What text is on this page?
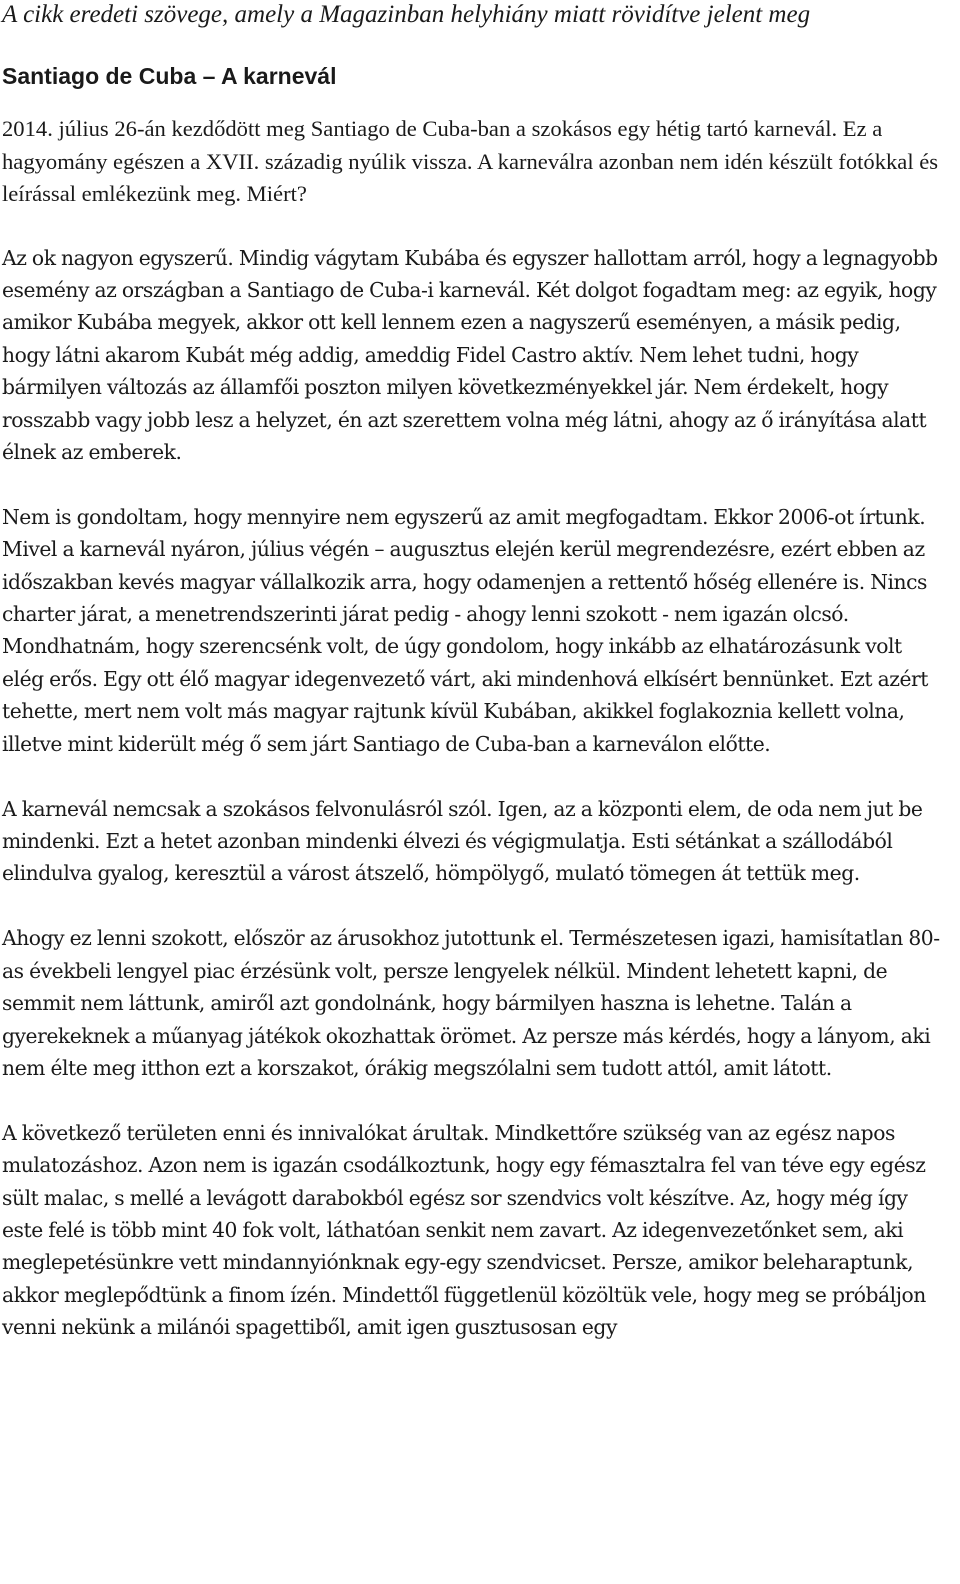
A cikk eredeti szövege, amely a Magazinban helyhiány miatt rövidítve jelent meg

Santiago de Cuba – A karnevál

2014. július 26-án kezdődött meg Santiago de Cuba-ban a szokásos egy hétig tartó karnevál. Ez a hagyomány egészen a XVII. századig nyúlik vissza. A karneválra azonban nem idén készült fotókkal és leírással emlékezünk meg. Miért?

Az ok nagyon egyszerű. Mindig vágytam Kubába és egyszer hallottam arról, hogy a legnagyobb esemény az országban a Santiago de Cuba-i karnevál. Két dolgot fogadtam meg: az egyik, hogy amikor Kubába megyek, akkor ott kell lennem ezen a nagyszerű eseményen, a másik pedig, hogy látni akarom Kubát még addig, ameddig Fidel Castro aktív. Nem lehet tudni, hogy bármilyen változás az államfői poszton milyen következményekkel jár. Nem érdekelt, hogy rosszabb vagy jobb lesz a helyzet, én azt szerettem volna még látni, ahogy az ő irányítása alatt élnek az emberek.

Nem is gondoltam, hogy mennyire nem egyszerű az amit megfogadtam. Ekkor 2006-ot írtunk. Mivel a karnevál nyáron, július végén – augusztus elején kerül megrendezésre, ezért ebben az időszakban kevés magyar vállalkozik arra, hogy odamenjen a rettentő hőség ellenére is. Nincs charter járat, a menetrendszerinti járat pedig - ahogy lenni szokott - nem igazán olcsó. Mondhatnám, hogy szerencsénk volt, de úgy gondolom, hogy inkább az elhatározásunk volt elég erős. Egy ott élő magyar idegenvezető várt, aki mindenhová elkísért bennünket. Ezt azért tehette, mert nem volt más magyar rajtunk kívül Kubában, akikkel foglakoznia kellett volna, illetve mint kiderült még ő sem járt Santiago de Cuba-ban a karneválon előtte.

A karnevál nemcsak a szokásos felvonulásról szól. Igen, az a központi elem, de oda nem jut be mindenki. Ezt a hetet azonban mindenki élvezi és végigmulatja. Esti sétánkat a szállodából elindulva gyalog, keresztül a várost átszelő, hömpölygő, mulató tömegen át tettük meg.

Ahogy ez lenni szokott, először az árusokhoz jutottunk el. Természetesen igazi, hamisítatlan 80-as évekbeli lengyel piac érzésünk volt, persze lengyelek nélkül. Mindent lehetett kapni, de semmit nem láttunk, amiről azt gondolnánk, hogy bármilyen haszna is lehetne. Talán a gyerekeknek a műanyag játékok okozhattak örömet. Az persze más kérdés, hogy a lányom, aki nem élte meg itthon ezt a korszakot, órákig megszólalni sem tudott attól, amit látott.

A következő területen enni és innivalókat árultak. Mindkettőre szükség van az egész napos mulatozáshoz. Azon nem is igazán csodálkoztunk, hogy egy fémasztalra fel van téve egy egész sült malac, s mellé a levágott darabokból egész sor szendvics volt készítve. Az, hogy még így este felé is több mint 40 fok volt, láthatóan senkit nem zavart. Az idegenvezetőnket sem, aki meglepetésünkre vett mindannyiónknak egy-egy szendvicset. Persze, amikor beleharaptunk, akkor meglepődtünk a finom ízén. Mindettől függetlenül közöltük vele, hogy meg se próbáljon venni nekünk a milánói spagettiből, amit igen gusztusosan egy
